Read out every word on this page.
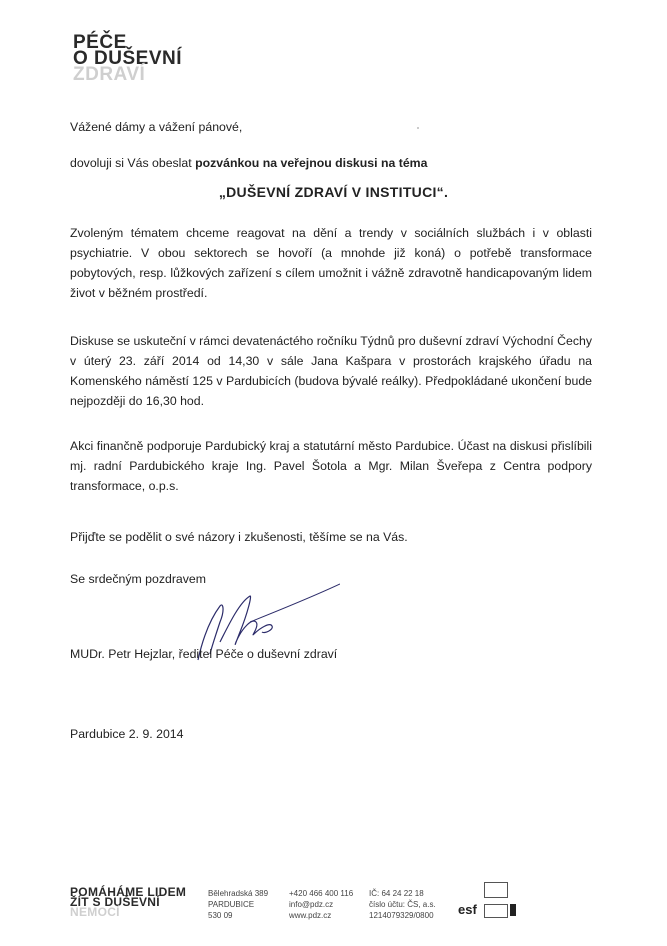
PÉČE
O DUŠEVNÍ
ZDRAVÍ
Vážené dámy a vážení pánové,
dovoluji si Vás obeslat pozvánkou na veřejnou diskusi na téma
„DUŠEVNÍ ZDRAVÍ V INSTITUCI“.
Zvoleným tématem chceme reagovat na dění a trendy v sociálních službách i v oblasti psychiatrie. V obou sektorech se hovoří (a mnohde již koná) o potřebě transformace pobytových, resp. lůžkových zařízení s cílem umožnit i vážně zdravotně handicapovaným lidem život v běžném prostředí.
Diskuse se uskuteční v rámci devatenáctého ročníku Týdnů pro duševní zdraví Východní Čechy v úterý 23. září 2014 od 14,30 v sále Jana Kašpara v prostorách krajského úřadu na Komenského náměstí 125 v Pardubicích (budova bývalé reálky). Předpokládané ukončení bude nejpozději do 16,30 hod.
Akci finančně podporuje Pardubický kraj a statutární město Pardubice. Účast na diskusi přislíbili mj. radní Pardubického kraje Ing. Pavel Šotola a Mgr. Milan Šveřepa z Centra podpory transformace, o.p.s.
Přijďte se podělit o své názory i zkušenosti, těšíme se na Vás.
Se srdečným pozdravem
MUDr. Petr Hejzlar, ředitel Péče o duševní zdraví
Pardubice 2. 9. 2014
POMÁHÁME LIDEM
ŽÍT S DUŠEVNÍ
NEMOCÍ
Bělehradská 389
PARDUBICE
530 09
+420 466 400 116
info@pdz.cz
www.pdz.cz
IČ: 64 24 22 18
číslo účtu: ČS, a.s.
1214079329/0800 esf
